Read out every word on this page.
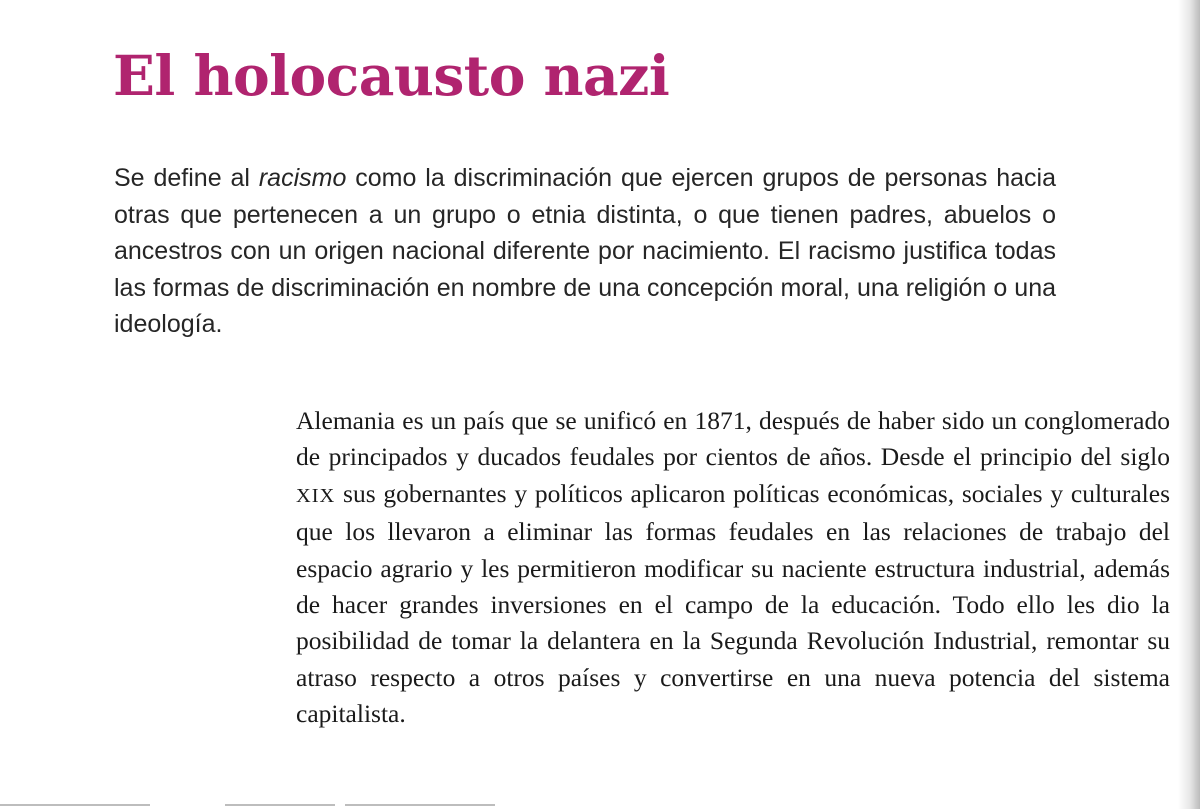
El holocausto nazi

Se define al racismo como la discriminación que ejercen grupos de personas hacia otras que pertenecen a un grupo o etnia distinta, o que tienen padres, abuelos o ancestros con un origen nacional diferente por nacimiento. El racismo justifica todas las formas de discriminación en nombre de una concepción moral, una religión o una ideología.

Alemania es un país que se unificó en 1871, después de haber sido un conglomerado de principados y ducados feudales por cientos de años. Desde el principio del siglo XIX sus gobernantes y políticos aplicaron políticas económicas, sociales y culturales que los llevaron a eliminar las formas feudales en las relaciones de trabajo del espacio agrario y les permitieron modificar su naciente estructura industrial, además de hacer grandes inversiones en el campo de la educación. Todo ello les dio la posibilidad de tomar la delantera en la Segunda Revolución Industrial, remontar su atraso respecto a otros países y convertirse en una nueva potencia del sistema capitalista.
